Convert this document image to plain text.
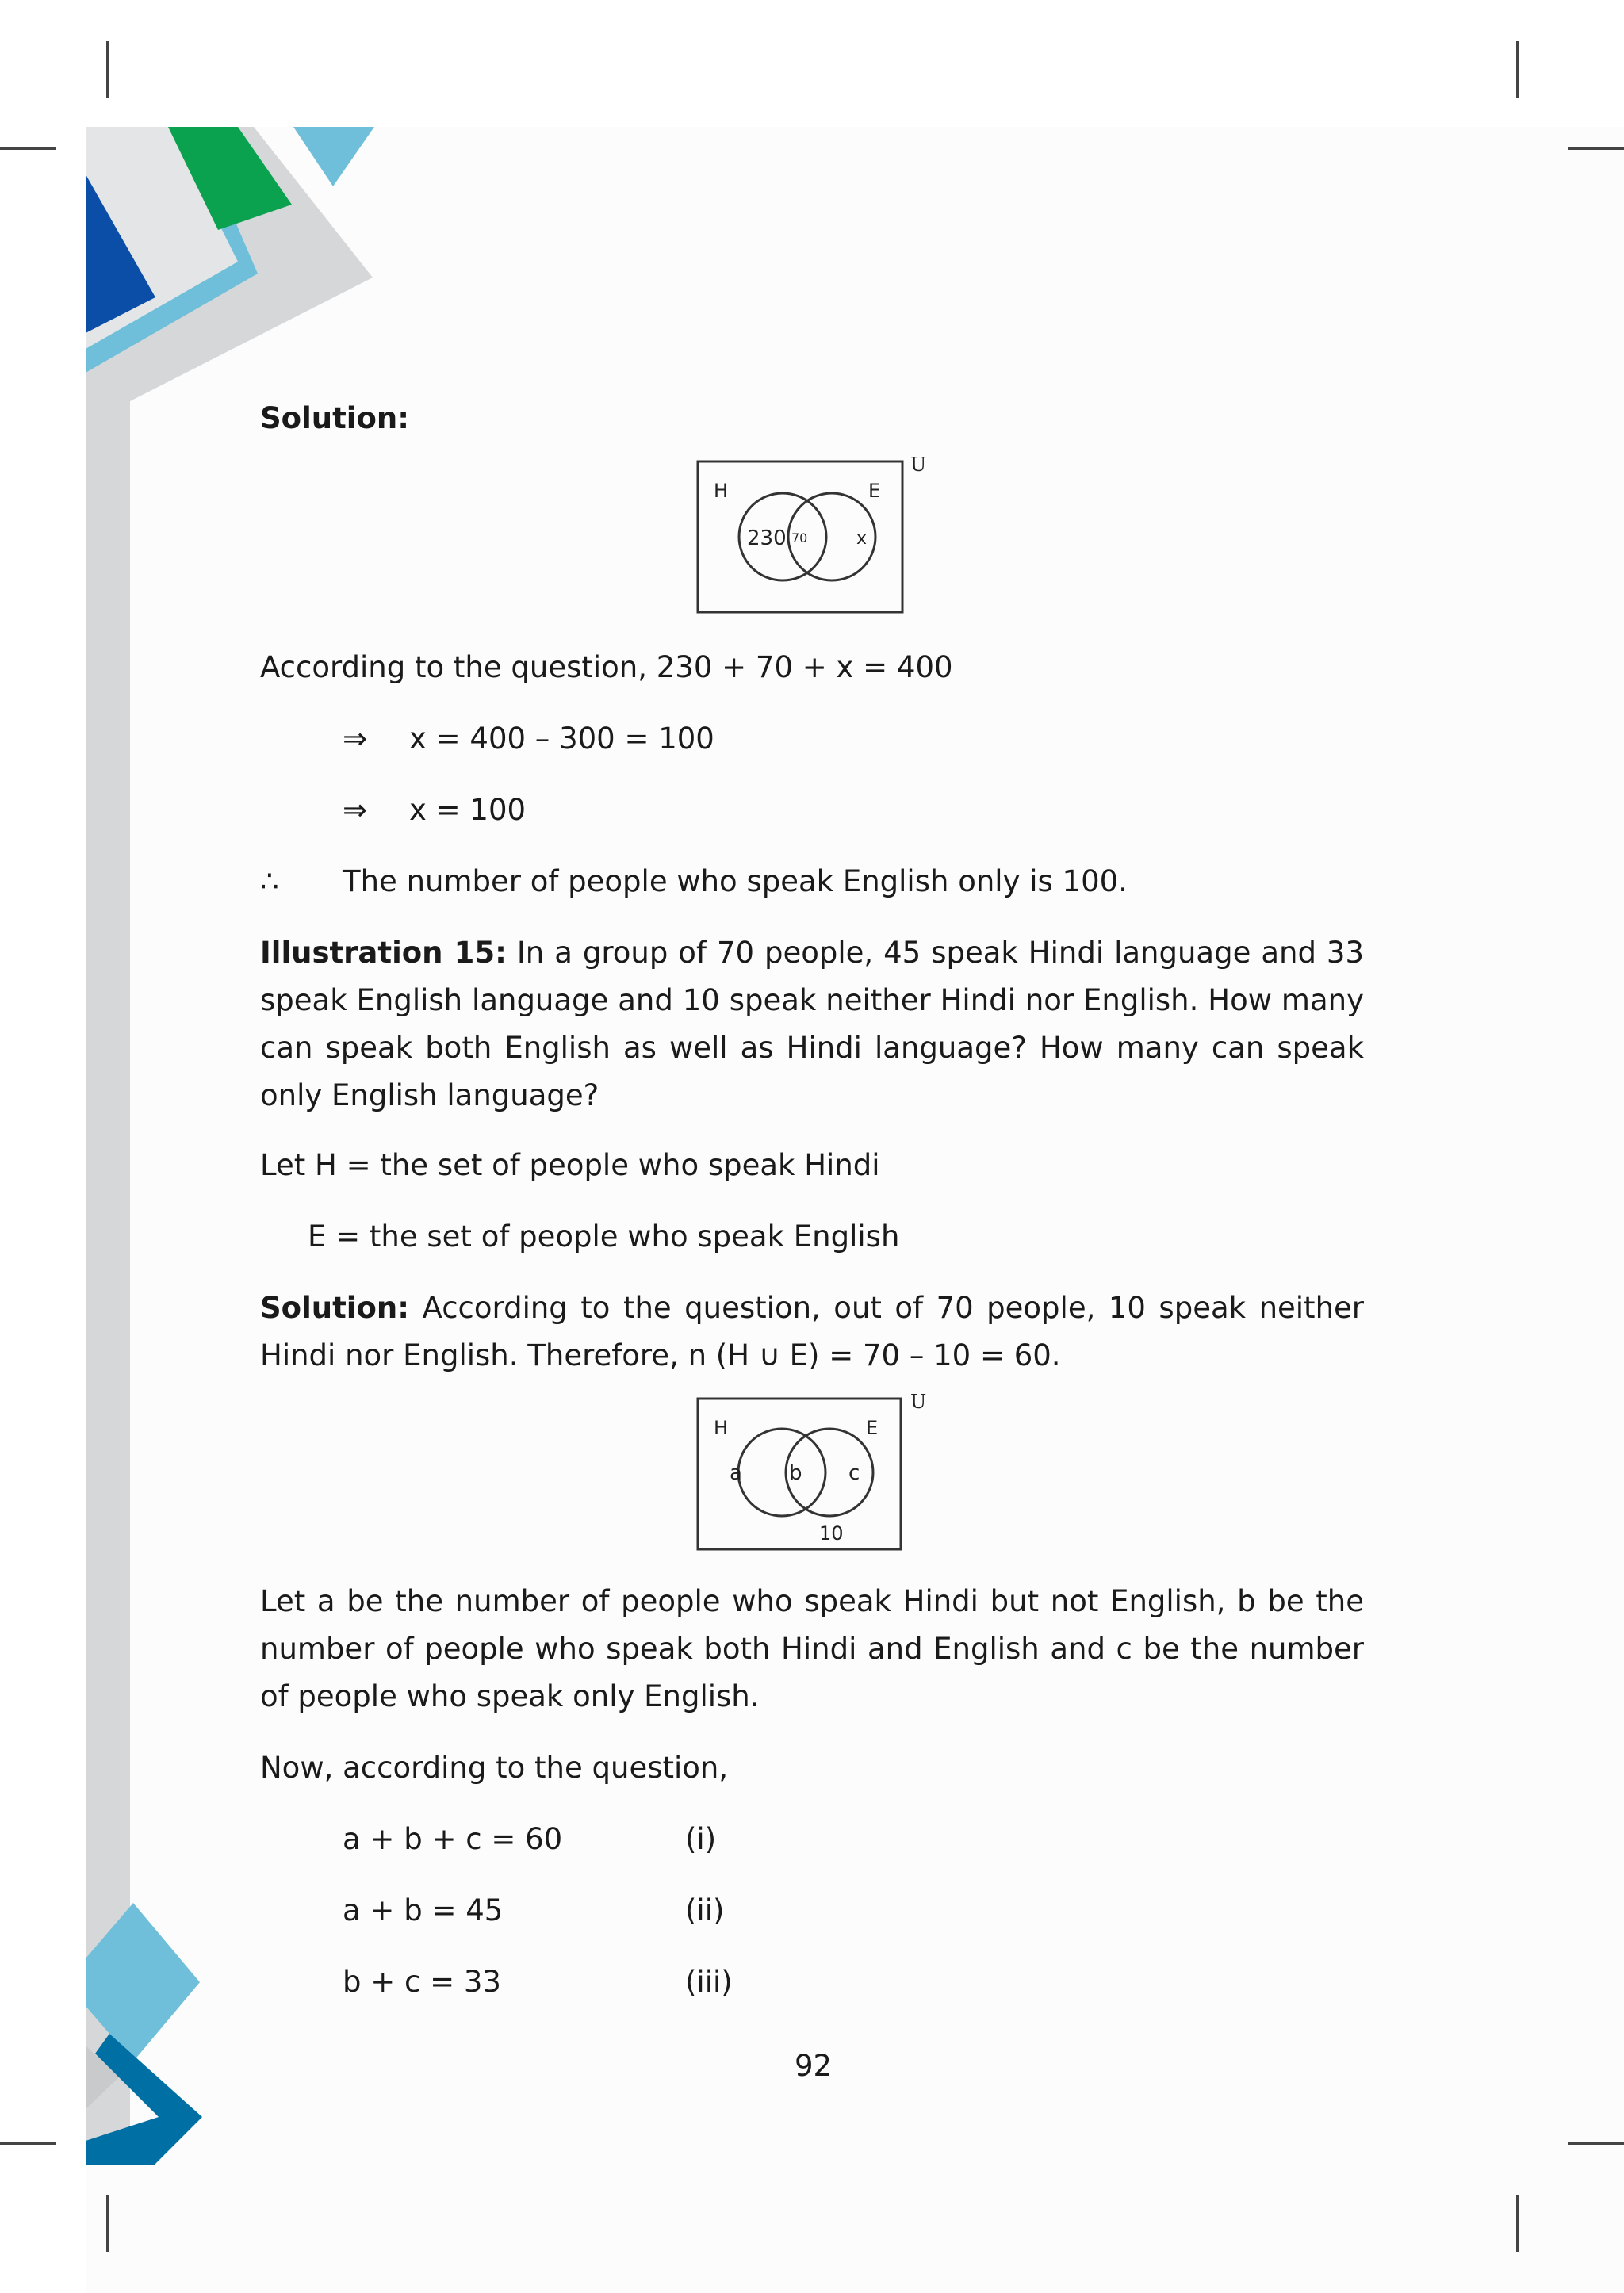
Solution:
U
H	E
230 70	x
According to the question, 230 + 70 + x = 400
⇒ x = 400 – 300 = 100
⇒ x = 100
∴ The number of people who speak English only is 100.
Illustration 15: In a group of 70 people, 45 speak Hindi language and 33 speak English language and 10 speak neither Hindi nor English. How many can speak both English as well as Hindi language? How many can speak only English language?
Let H = the set of people who speak Hindi
E = the set of people who speak English
Solution: According to the question, out of 70 people, 10 speak neither Hindi nor English. Therefore, n (H ∪ E) = 70 – 10 = 60.
U
H	E
a b c
10
Let a be the number of people who speak Hindi but not English, b be the number of people who speak both Hindi and English and c be the number of people who speak only English.
Now, according to the question,
a + b + c = 60	(i)
a + b = 45	(ii)
b + c = 33	(iii)
92
